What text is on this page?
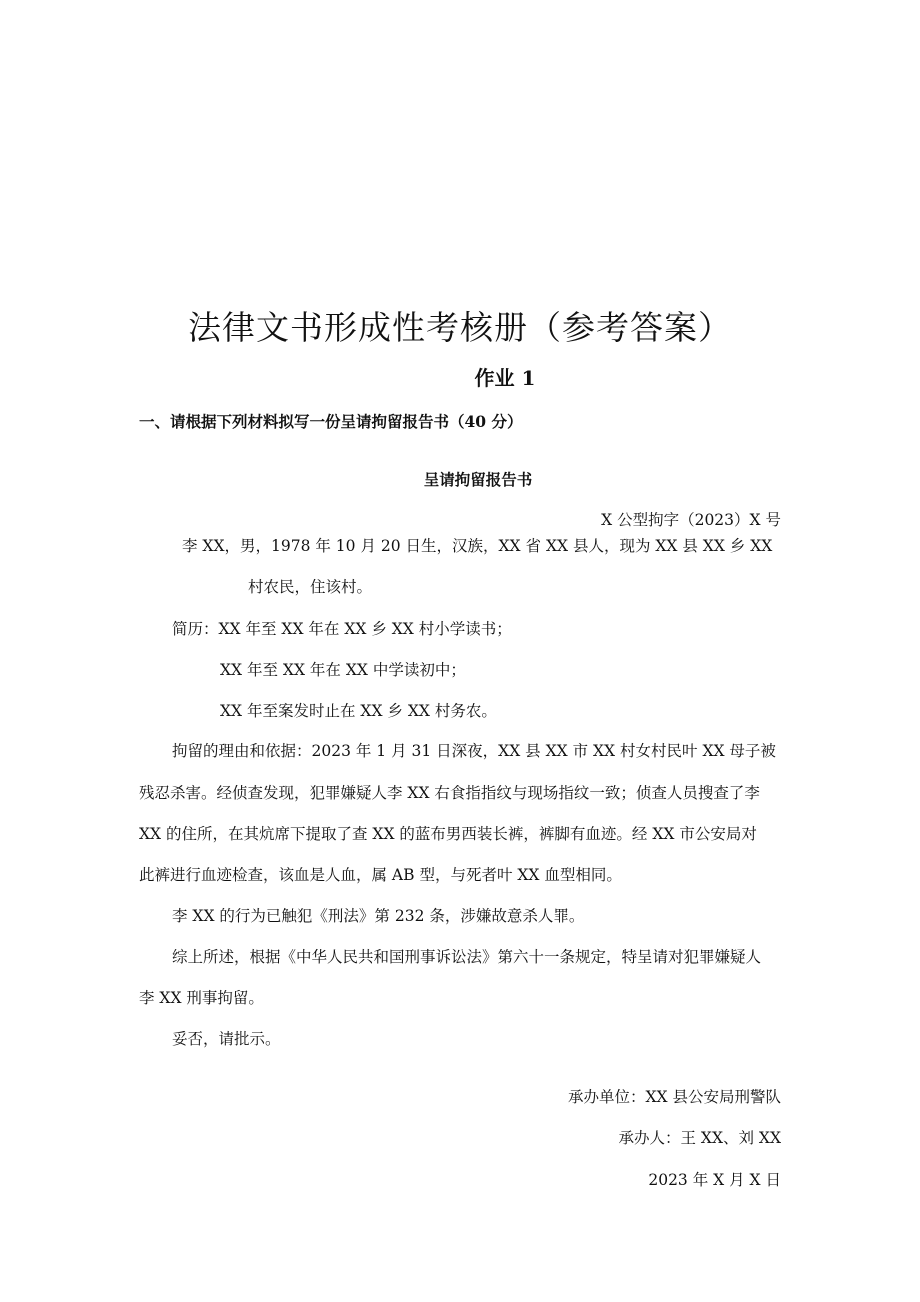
法律文书形成性考核册（参考答案）
作业 1

一、请根据下列材料拟写一份呈请拘留报告书（40 分）

呈请拘留报告书

X 公型拘字（2023）X 号

李 XX，男，1978 年 10 月 20 日生，汉族，XX 省 XX 县人，现为 XX 县 XX 乡 XX

村农民，住该村。

简历：XX 年至 XX 年在 XX 乡 XX 村小学读书；

XX 年至 XX 年在 XX 中学读初中；

XX 年至案发时止在 XX 乡 XX 村务农。

拘留的理由和依据：2023 年 1 月 31 日深夜，XX 县 XX 市 XX 村女村民叶 XX 母子被

残忍杀害。经侦查发现，犯罪嫌疑人李 XX 右食指指纹与现场指纹一致；侦查人员搜查了李

XX 的住所，在其炕席下提取了查 XX 的蓝布男西装长裤，裤脚有血迹。经 XX 市公安局对

此裤进行血迹检查，该血是人血，属 AB 型，与死者叶 XX 血型相同。

李 XX 的行为已触犯《刑法》第 232 条，涉嫌故意杀人罪。

综上所述，根据《中华人民共和国刑事诉讼法》第六十一条规定，特呈请对犯罪嫌疑人

李 XX 刑事拘留。

妥否，请批示。

承办单位：XX 县公安局刑警队

承办人：王 XX、刘 XX

2023 年 X 月 X 日
